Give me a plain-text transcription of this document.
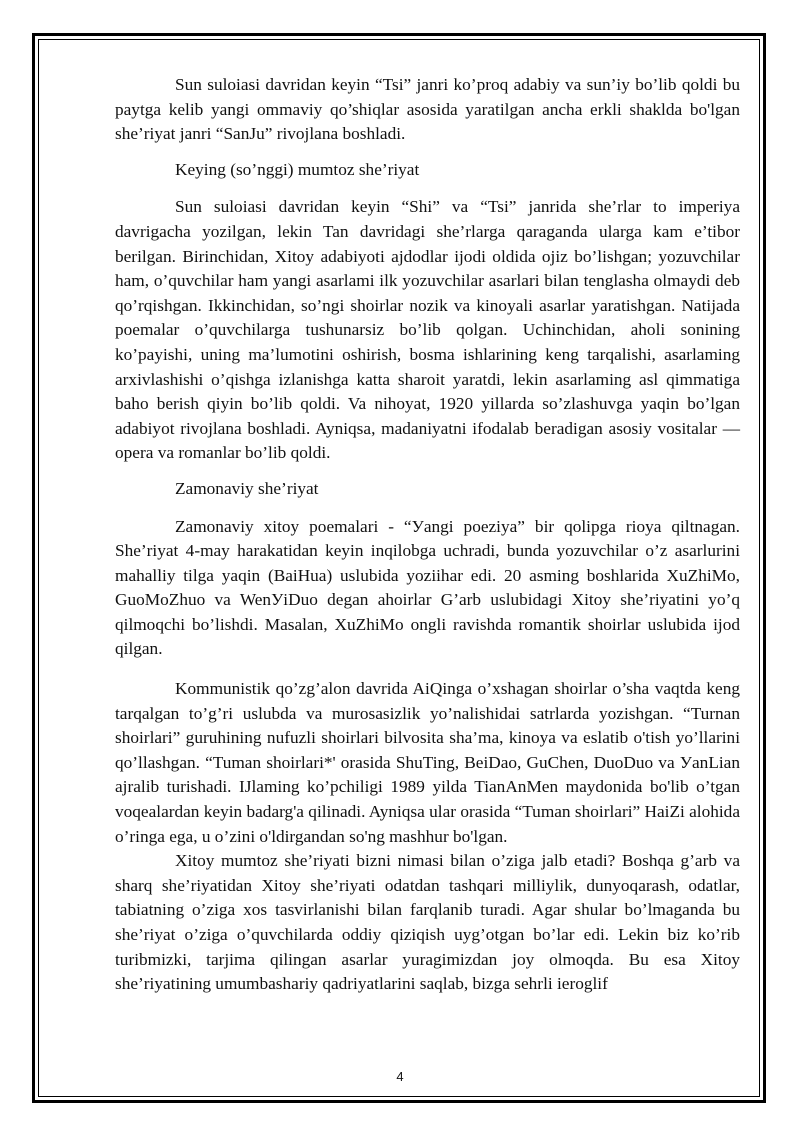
Sun suloiasi davridan keyin “Tsi” janri ko’proq adabiy va sun’iy bo’lib qoldi bu paytga kelib yangi ommaviy qo’shiqlar asosida yaratilgan ancha erkli shaklda bo'lgan she’riyat janri “SanJu” rivojlana boshladi.

Keying (so’nggi) mumtoz she’riyat

Sun suloiasi davridan keyin “Shi” va “Tsi” janrida she’rlar to imperiya davrigacha yozilgan, lekin Tan davridagi she’rlarga qaraganda ularga kam e’tibor berilgan. Birinchidan, Xitoy adabiyoti ajdodlar ijodi oldida ojiz bo’lishgan; yozuvchilar ham, o’quvchilar ham yangi asarlami ilk yozuvchilar asarlari bilan tenglasha olmaydi deb qo’rqishgan. Ikkinchidan, so’ngi shoirlar nozik va kinoyali asarlar yaratishgan. Natijada poemalar o’quvchilarga tushunarsiz bo’lib qolgan. Uchinchidan, aholi sonining ko’payishi, uning ma’lumotini oshirish, bosma ishlarining keng tarqalishi, asarlaming arxivlashishi o’qishga izlanishga katta sharoit yaratdi, lekin asarlaming asl qimmatiga baho berish qiyin bo’lib qoldi. Va nihoyat, 1920 yillarda so’zlashuvga yaqin bo’lgan adabiyot rivojlana boshladi. Ayniqsa, madaniyatni ifodalab beradigan asosiy vositalar — opera va romanlar bo’lib qoldi.

Zamonaviy she’riyat

Zamonaviy xitoy poemalari - “Уangi poeziya” bir qolipga rioya qiltnagan. She’riyat 4-may harakatidan keyin inqilobga uchradi, bunda yozuvchilar o’z asarlurini mahalliy tilga yaqin (BaiHua) uslubida yoziihar edi. 20 asming boshlarida XuZhiMo, GuoMoZhuo va WenУiDuo degan ahoirlar G’arb uslubidagi Xitoy she’riyatini yo’q qilmoqchi bo’lishdi. Masalan, XuZhiMo ongli ravishda romantik shoirlar uslubida ijod qilgan.

Kommunistik qo’zg’alon davrida AiQinga o’xshagan shoirlar o’sha vaqtda keng tarqalgan to’g’ri uslubda va murosasizlik yo’nalishidai satrlarda yozishgan. “Turnan shoirlari” guruhining nufuzli shoirlari bilvosita sha’ma, kinoya va eslatib o'tish yo’llarini qo’llashgan. “Tuman shoirlari*' orasida ShuTing, BeiDao, GuChen, DuoDuo va УanLian ajralib turishadi. IJlaming ko’pchiligi 1989 yilda TianAnMen maydonida bo'lib o’tgan voqealardan keyin badarg'a qilinadi. Ayniqsa ular orasida “Tuman shoirlari” HaiZi alohida o’ringa ega, u o’zini o'ldirgandan so'ng mashhur bo'lgan.

Xitoy mumtoz she’riyati bizni nimasi bilan o’ziga jalb etadi? Boshqa g’arb va sharq she’riyatidan Xitoy she’riyati odatdan tashqari milliylik, dunyoqarash, odatlar, tabiatning o’ziga xos tasvirlanishi bilan farqlanib turadi. Agar shular bo’lmaganda bu she’riyat o’ziga o’quvchilarda oddiy qiziqish uyg’otgan bo’lar edi. Lekin biz ko’rib turibmizki, tarjima qilingan asarlar yuragimizdan joy olmoqda. Bu esa Xitoy she’riyatining umumbashariy qadriyatlarini saqlab, bizga sehrli ieroglif

4
